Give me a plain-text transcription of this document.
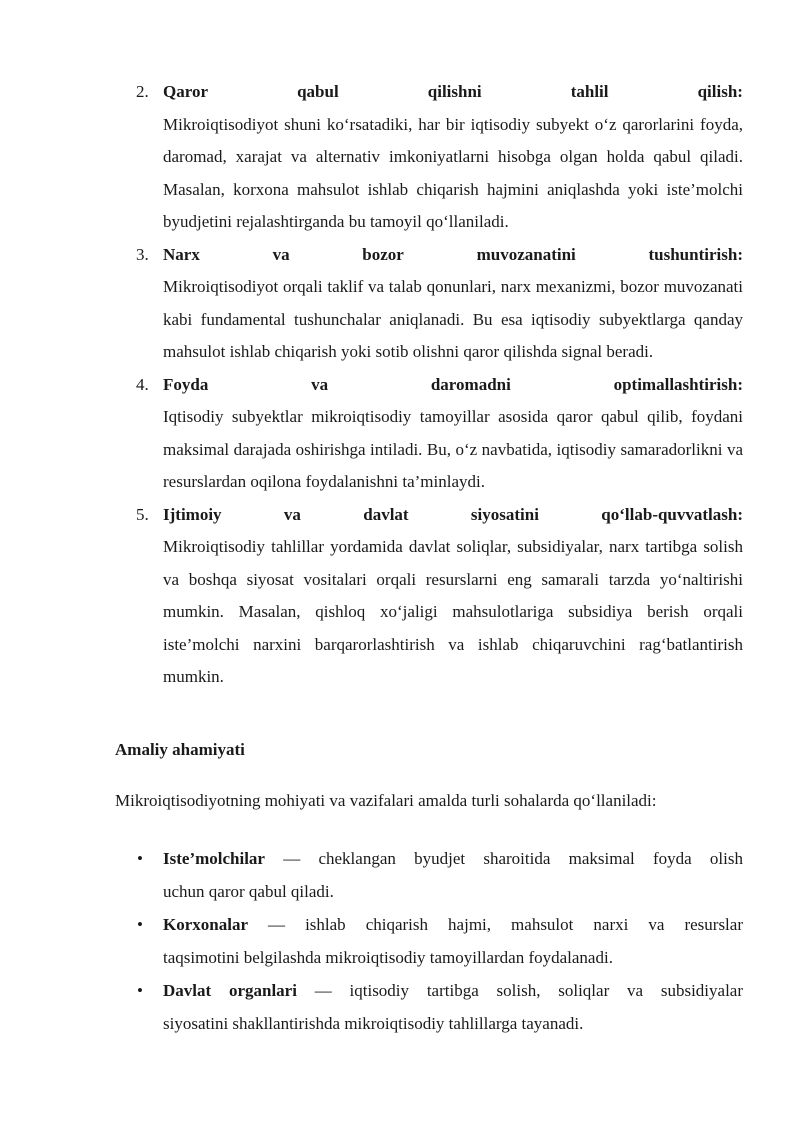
2. Qaror	qabul	qilishni	tahlil	qilish:
Mikroiqtisodiyot shuni ko‘rsatadiki, har bir iqtisodiy subyekt o‘z qarorlarini foyda, daromad, xarajat va alternativ imkoniyatlarni hisobga olgan holda qabul qiladi. Masalan, korxona mahsulot ishlab chiqarish hajmini aniqlashda yoki iste’molchi byudjetini rejalashtirganda bu tamoyil qo‘llaniladi.
3. Narx	va	bozor	muvozanatini	tushuntirish:
Mikroiqtisodiyot orqali taklif va talab qonunlari, narx mexanizmi, bozor muvozanati kabi fundamental tushunchalar aniqlanadi. Bu esa iqtisodiy subyektlarga qanday mahsulot ishlab chiqarish yoki sotib olishni qaror qilishda signal beradi.
4. Foyda	va	daromadni	optimallashtirish:
Iqtisodiy subyektlar mikroiqtisodiy tamoyillar asosida qaror qabul qilib, foydani maksimal darajada oshirishga intiladi. Bu, o‘z navbatida, iqtisodiy samaradorlikni va resurslardan oqilona foydalanishni ta’minlaydi.
5. Ijtimoiy	va	davlat	siyosatini	qo‘llab-quvvatlash:
Mikroiqtisodiy tahlillar yordamida davlat soliqlar, subsidiyalar, narx tartibga solish va boshqa siyosat vositalari orqali resurslarni eng samarali tarzda yo‘naltirishi mumkin. Masalan, qishloq xo‘jaligi mahsulotlariga subsidiya berish orqali iste’molchi narxini barqarorlashtirish va ishlab chiqaruvchini rag‘batlantirish mumkin.
Amaliy ahamiyati

Mikroiqtisodiyotning mohiyati va vazifalari amalda turli sohalarda qo‘llaniladi:

• Iste’molchilar — cheklangan byudjet sharoitida maksimal foyda olish
uchun qaror qabul qiladi.
• Korxonalar — ishlab chiqarish hajmi, mahsulot narxi va resurslar
taqsimotini belgilashda mikroiqtisodiy tamoyillardan foydalanadi.
• Davlat organlari — iqtisodiy tartibga solish, soliqlar va subsidiyalar
siyosatini shakllantirishda mikroiqtisodiy tahlillarga tayanadi.
